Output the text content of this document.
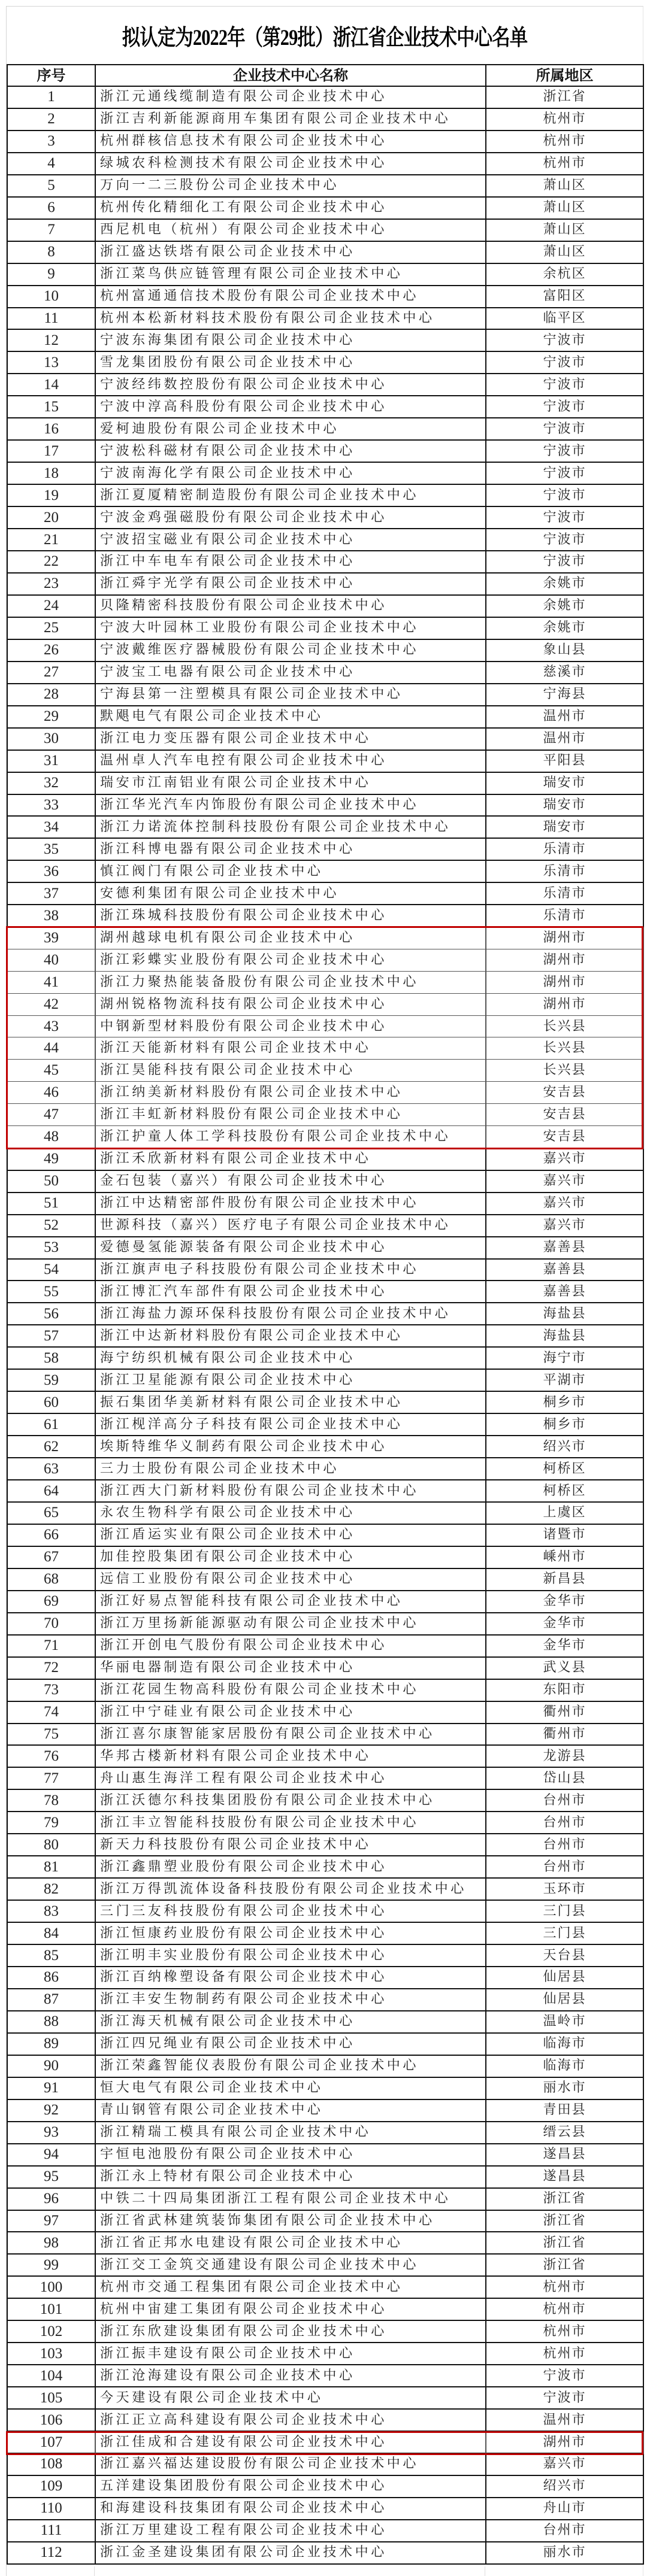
拟认定为2022年（第29批）浙江省企业技术中心名单
序号	企业技术中心名称	所属地区
1	浙江元通线缆制造有限公司企业技术中心	浙江省
2	浙江吉利新能源商用车集团有限公司企业技术中心	杭州市
3	杭州群核信息技术有限公司企业技术中心	杭州市
4	绿城农科检测技术有限公司企业技术中心	杭州市
5	万向一二三股份公司企业技术中心	萧山区
6	杭州传化精细化工有限公司企业技术中心	萧山区
7	西尼机电（杭州）有限公司企业技术中心	萧山区
8	浙江盛达铁塔有限公司企业技术中心	萧山区
9	浙江菜鸟供应链管理有限公司企业技术中心	余杭区
10	杭州富通通信技术股份有限公司企业技术中心	富阳区
11	杭州本松新材料技术股份有限公司企业技术中心	临平区
12	宁波东海集团有限公司企业技术中心	宁波市
13	雪龙集团股份有限公司企业技术中心	宁波市
14	宁波经纬数控股份有限公司企业技术中心	宁波市
15	宁波中淳高科股份有限公司企业技术中心	宁波市
16	爱柯迪股份有限公司企业技术中心	宁波市
17	宁波松科磁材有限公司企业技术中心	宁波市
18	宁波南海化学有限公司企业技术中心	宁波市
19	浙江夏厦精密制造股份有限公司企业技术中心	宁波市
20	宁波金鸡强磁股份有限公司企业技术中心	宁波市
21	宁波招宝磁业有限公司企业技术中心	宁波市
22	浙江中车电车有限公司企业技术中心	宁波市
23	浙江舜宇光学有限公司企业技术中心	余姚市
24	贝隆精密科技股份有限公司企业技术中心	余姚市
25	宁波大叶园林工业股份有限公司企业技术中心	余姚市
26	宁波戴维医疗器械股份有限公司企业技术中心	象山县
27	宁波宝工电器有限公司企业技术中心	慈溪市
28	宁海县第一注塑模具有限公司企业技术中心	宁海县
29	默飓电气有限公司企业技术中心	温州市
30	浙江电力变压器有限公司企业技术中心	温州市
31	温州卓人汽车电控有限公司企业技术中心	平阳县
32	瑞安市江南铝业有限公司企业技术中心	瑞安市
33	浙江华光汽车内饰股份有限公司企业技术中心	瑞安市
34	浙江力诺流体控制科技股份有限公司企业技术中心	瑞安市
35	浙江科博电器有限公司企业技术中心	乐清市
36	慎江阀门有限公司企业技术中心	乐清市
37	安德利集团有限公司企业技术中心	乐清市
38	浙江珠城科技股份有限公司企业技术中心	乐清市
39	湖州越球电机有限公司企业技术中心	湖州市
40	浙江彩蝶实业股份有限公司企业技术中心	湖州市
41	浙江力聚热能装备股份有限公司企业技术中心	湖州市
42	湖州锐格物流科技有限公司企业技术中心	湖州市
43	中钢新型材料股份有限公司企业技术中心	长兴县
44	浙江天能新材料有限公司企业技术中心	长兴县
45	浙江昊能科技有限公司企业技术中心	长兴县
46	浙江纳美新材料股份有限公司企业技术中心	安吉县
47	浙江丰虹新材料股份有限公司企业技术中心	安吉县
48	浙江护童人体工学科技股份有限公司企业技术中心	安吉县
49	浙江禾欣新材料有限公司企业技术中心	嘉兴市
50	金石包装（嘉兴）有限公司企业技术中心	嘉兴市
51	浙江中达精密部件股份有限公司企业技术中心	嘉兴市
52	世源科技（嘉兴）医疗电子有限公司企业技术中心	嘉兴市
53	爱德曼氢能源装备有限公司企业技术中心	嘉善县
54	浙江旗声电子科技股份有限公司企业技术中心	嘉善县
55	浙江博汇汽车部件有限公司企业技术中心	嘉善县
56	浙江海盐力源环保科技股份有限公司企业技术中心	海盐县
57	浙江中达新材料股份有限公司企业技术中心	海盐县
58	海宁纺织机械有限公司企业技术中心	海宁市
59	浙江卫星能源有限公司企业技术中心	平湖市
60	振石集团华美新材料有限公司企业技术中心	桐乡市
61	浙江枧洋高分子科技有限公司企业技术中心	桐乡市
62	埃斯特维华义制药有限公司企业技术中心	绍兴市
63	三力士股份有限公司企业技术中心	柯桥区
64	浙江西大门新材料股份有限公司企业技术中心	柯桥区
65	永农生物科学有限公司企业技术中心	上虞区
66	浙江盾运实业有限公司企业技术中心	诸暨市
67	加佳控股集团有限公司企业技术中心	嵊州市
68	远信工业股份有限公司企业技术中心	新昌县
69	浙江好易点智能科技有限公司企业技术中心	金华市
70	浙江万里扬新能源驱动有限公司企业技术中心	金华市
71	浙江开创电气股份有限公司企业技术中心	金华市
72	华丽电器制造有限公司企业技术中心	武义县
73	浙江花园生物高科股份有限公司企业技术中心	东阳市
74	浙江中宁硅业有限公司企业技术中心	衢州市
75	浙江喜尔康智能家居股份有限公司企业技术中心	衢州市
76	华邦古楼新材料有限公司企业技术中心	龙游县
77	舟山惠生海洋工程有限公司企业技术中心	岱山县
78	浙江沃德尔科技集团股份有限公司企业技术中心	台州市
79	浙江丰立智能科技股份有限公司企业技术中心	台州市
80	新天力科技股份有限公司企业技术中心	台州市
81	浙江鑫鼎塑业股份有限公司企业技术中心	台州市
82	浙江万得凯流体设备科技股份有限公司企业技术中心	玉环市
83	三门三友科技股份有限公司企业技术中心	三门县
84	浙江恒康药业股份有限公司企业技术中心	三门县
85	浙江明丰实业股份有限公司企业技术中心	天台县
86	浙江百纳橡塑设备有限公司企业技术中心	仙居县
87	浙江丰安生物制药有限公司企业技术中心	仙居县
88	浙江海天机械有限公司企业技术中心	温岭市
89	浙江四兄绳业有限公司企业技术中心	临海市
90	浙江荣鑫智能仪表股份有限公司企业技术中心	临海市
91	恒大电气有限公司企业技术中心	丽水市
92	青山钢管有限公司企业技术中心	青田县
93	浙江精瑞工模具有限公司企业技术中心	缙云县
94	宇恒电池股份有限公司企业技术中心	遂昌县
95	浙江永上特材有限公司企业技术中心	遂昌县
96	中铁二十四局集团浙江工程有限公司企业技术中心	浙江省
97	浙江省武林建筑装饰集团有限公司企业技术中心	浙江省
98	浙江省正邦水电建设有限公司企业技术中心	浙江省
99	浙江交工金筑交通建设有限公司企业技术中心	浙江省
100	杭州市交通工程集团有限公司企业技术中心	杭州市
101	杭州中宙建工集团有限公司企业技术中心	杭州市
102	浙江东欣建设集团有限公司企业技术中心	杭州市
103	浙江振丰建设有限公司企业技术中心	杭州市
104	浙江沧海建设有限公司企业技术中心	宁波市
105	今天建设有限公司企业技术中心	宁波市
106	浙江正立高科建设有限公司企业技术中心	温州市
107	浙江佳成和合建设有限公司企业技术中心	湖州市
108	浙江嘉兴福达建设股份有限公司企业技术中心	嘉兴市
109	五洋建设集团股份有限公司企业技术中心	绍兴市
110	和海建设科技集团有限公司企业技术中心	舟山市
111	浙江万里建设工程有限公司企业技术中心	台州市
112	浙江金圣建设集团有限公司企业技术中心	丽水市
